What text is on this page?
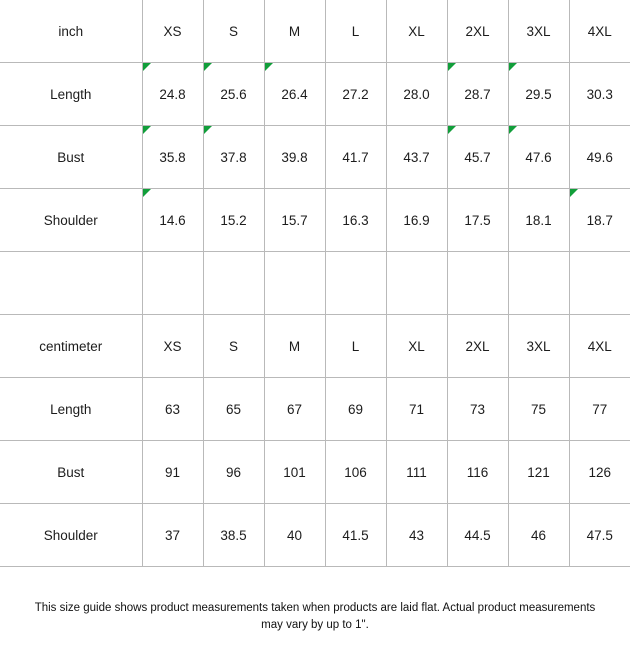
inch	XS	S	M	L	XL	2XL	3XL	4XL
Length	24.8	25.6	26.4	27.2	28.0	28.7	29.5	30.3
Bust	35.8	37.8	39.8	41.7	43.7	45.7	47.6	49.6
Shoulder	14.6	15.2	15.7	16.3	16.9	17.5	18.1	18.7

centimeter	XS	S	M	L	XL	2XL	3XL	4XL
Length	63	65	67	69	71	73	75	77
Bust	91	96	101	106	111	116	121	126
Shoulder	37	38.5	40	41.5	43	44.5	46	47.5
This size guide shows product measurements taken when products are laid flat. Actual product measurements
may vary by up to 1".
